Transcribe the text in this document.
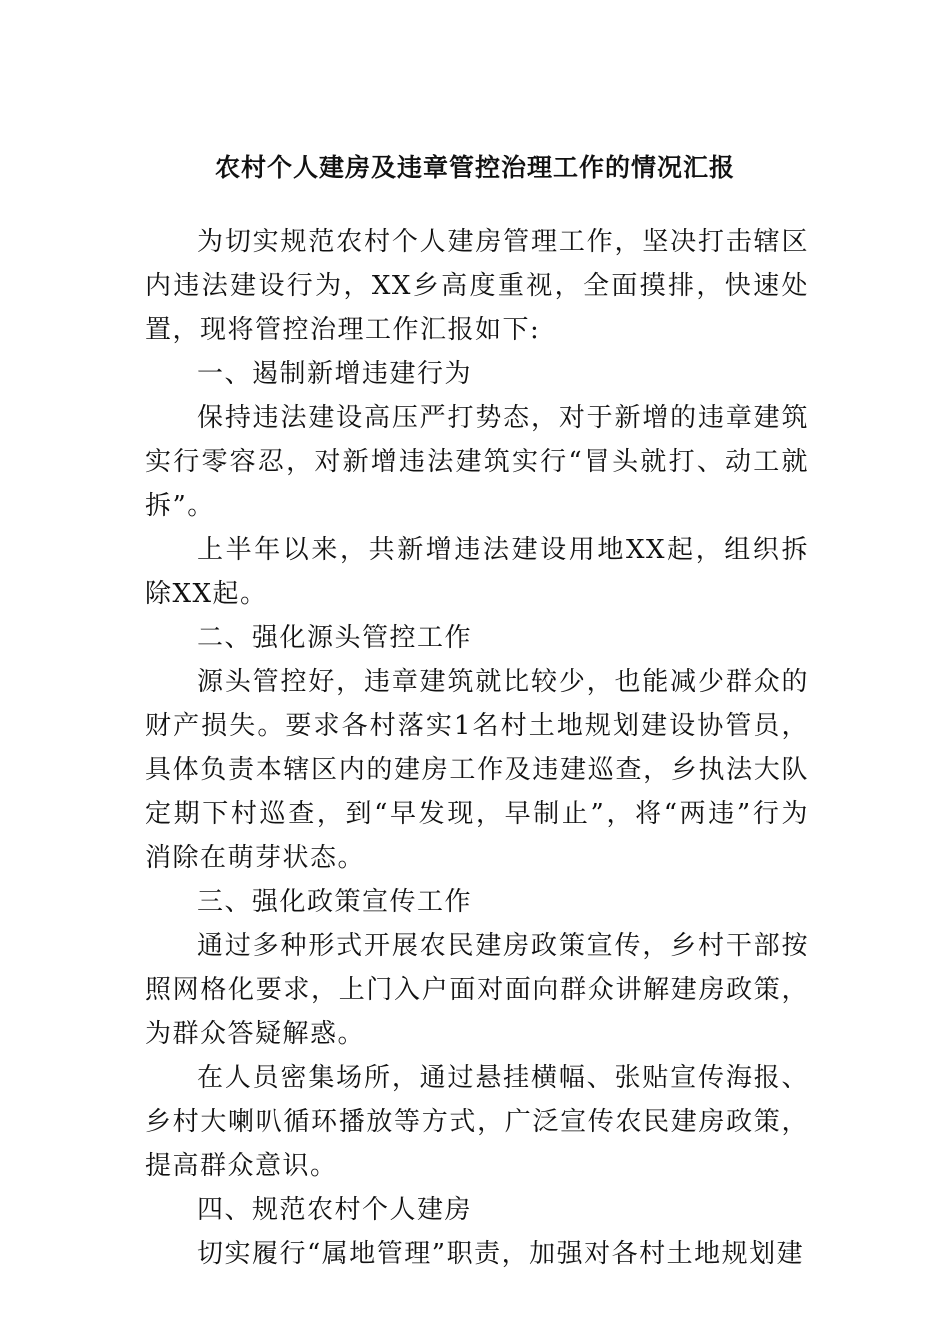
农村个人建房及违章管控治理工作的情况汇报

为切实规范农村个人建房管理工作，坚决打击辖区内违法建设行为，XX乡高度重视，全面摸排，快速处置，现将管控治理工作汇报如下:

一、遏制新增违建行为

保持违法建设高压严打势态，对于新增的违章建筑实行零容忍，对新增违法建筑实行“冒头就打、动工就拆”。

上半年以来，共新增违法建设用地XX起，组织拆除XX起。

二、强化源头管控工作

源头管控好，违章建筑就比较少，也能减少群众的财产损失。要求各村落实1名村土地规划建设协管员，具体负责本辖区内的建房工作及违建巡查，乡执法大队定期下村巡查，到“早发现，早制止”，将“两违”行为消除在萌芽状态。

三、强化政策宣传工作

通过多种形式开展农民建房政策宣传，乡村干部按照网格化要求，上门入户面对面向群众讲解建房政策，为群众答疑解惑。

在人员密集场所，通过悬挂横幅、张贴宣传海报、乡村大喇叭循环播放等方式，广泛宣传农民建房政策，提高群众意识。

四、规范农村个人建房

切实履行“属地管理”职责，加强对各村土地规划建
